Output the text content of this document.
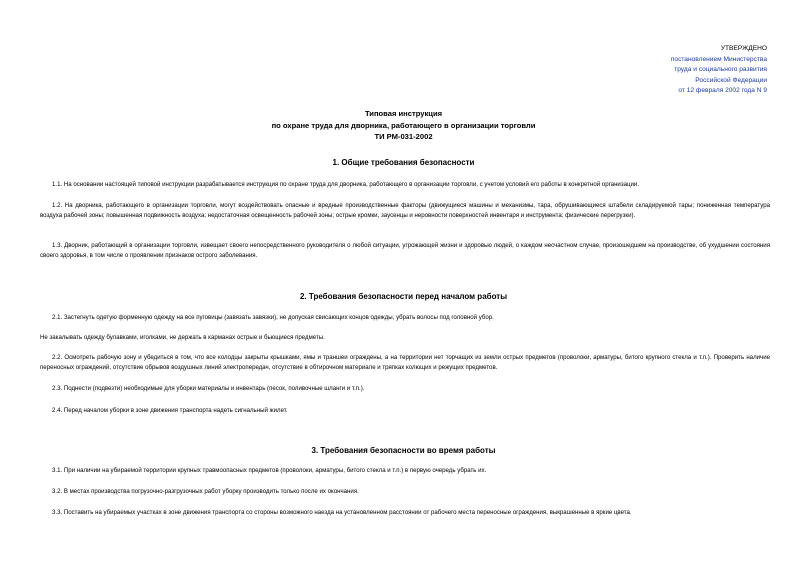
УТВЕРЖДЕНО
постановлением Министерства
труда и социального развития
Российской Федерации
от 12 февраля 2002 года N 9
Типовая инструкция
по охране труда для дворника, работающего в организации торговли
ТИ РМ-031-2002
1. Общие требования безопасности
1.1. На основании настоящей типовой инструкции разрабатывается инструкция по охране труда для дворника, работающего в организации торговли, с учетом условий его работы в конкретной организации.
1.2. На дворника, работающего в организации торговли, могут воздействовать опасные и вредные производственные факторы (движущиеся машины и механизмы, тара, обрушивающиеся штабели складируемой тары; пониженная температура воздуха рабочей зоны; повышенная подвижность воздуха; недостаточная освещенность рабочей зоны; острые кромки, заусенцы и неровности поверхностей инвентаря и инструмента; физические перегрузки).
1.3. Дворник, работающий в организации торговли, извещает своего непосредственного руководителя о любой ситуации, угрожающей жизни и здоровью людей, о каждом несчастном случае, произошедшем на производстве, об ухудшении состояния своего здоровья, в том числе о проявлении признаков острого заболевания.
2. Требования безопасности перед началом работы
2.1. Застегнуть одетую форменную одежду на все пуговицы (завязать завязки), не допуская свисающих концов одежды, убрать волосы под головной убор.
Не закалывать одежду булавками, иголками, не держать в карманах острые и бьющиеся предметы.
2.2. Осмотреть рабочую зону и убедиться в том, что все колодцы закрыты крышками, ямы и траншеи ограждены, а на территории нет торчащих из земли острых предметов (проволоки, арматуры, битого крупного стекла и т.п.). Проверить наличие переносных ограждений, отсутствие обрывов воздушных линий электропередач, отсутствие в обтирочном материале и тряпках колющих и режущих предметов.
2.3. Поднести (подвезти) необходимые для уборки материалы и инвентарь (песок, поливочные шланги и т.п.).
2.4. Перед началом уборки в зоне движения транспорта надеть сигнальный жилет.
3. Требования безопасности во время работы
3.1. При наличии на убираемой территории крупных травмоопасных предметов (проволоки, арматуры, битого стекла и т.п.) в первую очередь убрать их.
3.2. В местах производства погрузочно-разгрузочных работ уборку производить только после их окончания.
3.3. Поставить на убираемых участках в зоне движения транспорта со стороны возможного наезда на установленном расстоянии от рабочего места переносные ограждения, выкрашенные в яркие цвета.
